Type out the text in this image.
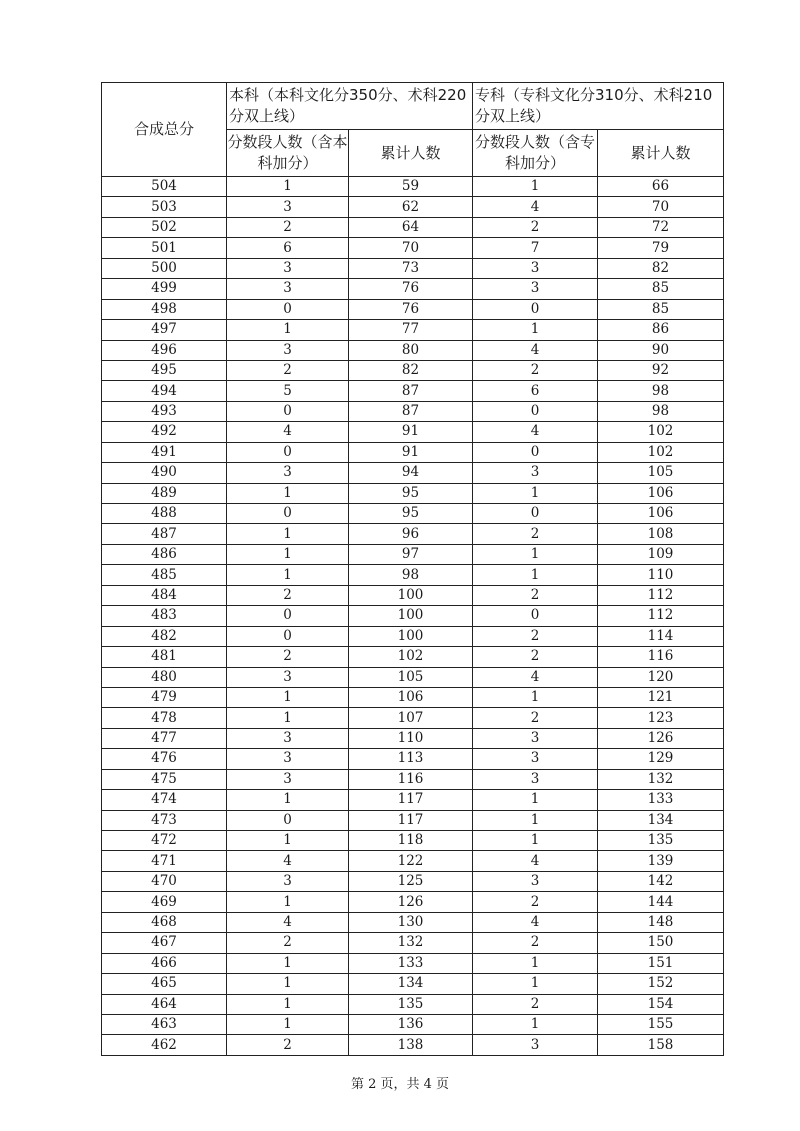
合成总分	本科（本科文化分350分、术科220分双上线）		专科（专科文化分310分、术科210分双上线）	
	分数段人数（含本科加分）	累计人数	分数段人数（含专科加分）	累计人数
504	1	59	1	66
503	3	62	4	70
502	2	64	2	72
501	6	70	7	79
500	3	73	3	82
499	3	76	3	85
498	0	76	0	85
497	1	77	1	86
496	3	80	4	90
495	2	82	2	92
494	5	87	6	98
493	0	87	0	98
492	4	91	4	102
491	0	91	0	102
490	3	94	3	105
489	1	95	1	106
488	0	95	0	106
487	1	96	2	108
486	1	97	1	109
485	1	98	1	110
484	2	100	2	112
483	0	100	0	112
482	0	100	2	114
481	2	102	2	116
480	3	105	4	120
479	1	106	1	121
478	1	107	2	123
477	3	110	3	126
476	3	113	3	129
475	3	116	3	132
474	1	117	1	133
473	0	117	1	134
472	1	118	1	135
471	4	122	4	139
470	3	125	3	142
469	1	126	2	144
468	4	130	4	148
467	2	132	2	150
466	1	133	1	151
465	1	134	1	152
464	1	135	2	154
463	1	136	1	155
462	2	138	3	158
第 2 页，共 4 页
